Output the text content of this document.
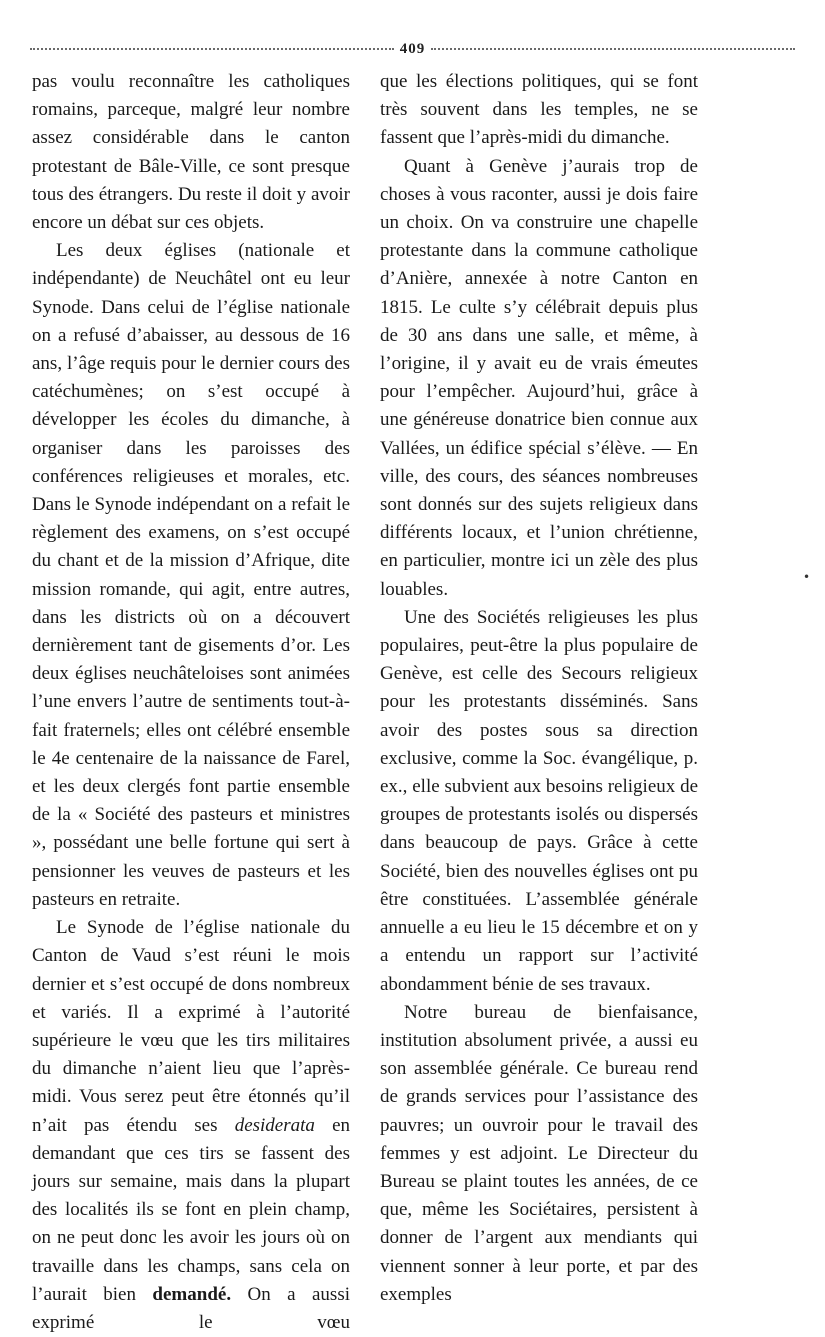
409

pas voulu reconnaître les catholiques romains, parceque, malgré leur nombre assez considérable dans le canton protestant de Bâle-Ville, ce sont presque tous des étrangers. Du reste il doit y avoir encore un débat sur ces objets.

Les deux églises (nationale et indépendante) de Neuchâtel ont eu leur Synode. Dans celui de l’église nationale on a refusé d’abaisser, au dessous de 16 ans, l’âge requis pour le dernier cours des catéchumènes; on s’est occupé à développer les écoles du dimanche, à organiser dans les paroisses des conférences religieuses et morales, etc. Dans le Synode indépendant on a refait le règlement des examens, on s’est occupé du chant et de la mission d’Afrique, dite mission romande, qui agit, entre autres, dans les districts où on a découvert dernièrement tant de gisements d’or. Les deux églises neuchâteloises sont animées l’une envers l’autre de sentiments tout-à-fait fraternels; elles ont célébré ensemble le 4e centenaire de la naissance de Farel, et les deux clergés font partie ensemble de la « Société des pasteurs et ministres », possédant une belle fortune qui sert à pensionner les veuves de pasteurs et les pasteurs en retraite.

Le Synode de l’église nationale du Canton de Vaud s’est réuni le mois dernier et s’est occupé de dons nombreux et variés. Il a exprimé à l’autorité supérieure le vœu que les tirs militaires du dimanche n’aient lieu que l’après-midi. Vous serez peut être étonnés qu’il n’ait pas étendu ses desiderata en demandant que ces tirs se fassent des jours sur semaine, mais dans la plupart des localités ils se font en plein champ, on ne peut donc les avoir les jours où on travaille dans les champs, sans cela on l’aurait bien demandé. On a aussi exprimé le vœu

que les élections politiques, qui se font très souvent dans les temples, ne se fassent que l’après-midi du dimanche.

Quant à Genève j’aurais trop de choses à vous raconter, aussi je dois faire un choix. On va construire une chapelle protestante dans la commune catholique d’Anière, annexée à notre Canton en 1815. Le culte s’y célébrait depuis plus de 30 ans dans une salle, et même, à l’origine, il y avait eu de vrais émeutes pour l’empêcher. Aujourd’hui, grâce à une généreuse donatrice bien connue aux Vallées, un édifice spécial s’élève. — En ville, des cours, des séances nombreuses sont donnés sur des sujets religieux dans différents locaux, et l’union chrétienne, en particulier, montre ici un zèle des plus louables.

Une des Sociétés religieuses les plus populaires, peut-être la plus populaire de Genève, est celle des Secours religieux pour les protestants disséminés. Sans avoir des postes sous sa direction exclusive, comme la Soc. évangélique, p. ex., elle subvient aux besoins religieux de groupes de protestants isolés ou dispersés dans beaucoup de pays. Grâce à cette Société, bien des nouvelles églises ont pu être constituées. L’assemblée générale annuelle a eu lieu le 15 décembre et on y a entendu un rapport sur l’activité abondamment bénie de ses travaux.

Notre bureau de bienfaisance, institution absolument privée, a aussi eu son assemblée générale. Ce bureau rend de grands services pour l’assistance des pauvres; un ouvroir pour le travail des femmes y est adjoint. Le Directeur du Bureau se plaint toutes les années, de ce que, même les Sociétaires, persistent à donner de l’argent aux mendiants qui viennent sonner à leur porte, et par des exemples

•
